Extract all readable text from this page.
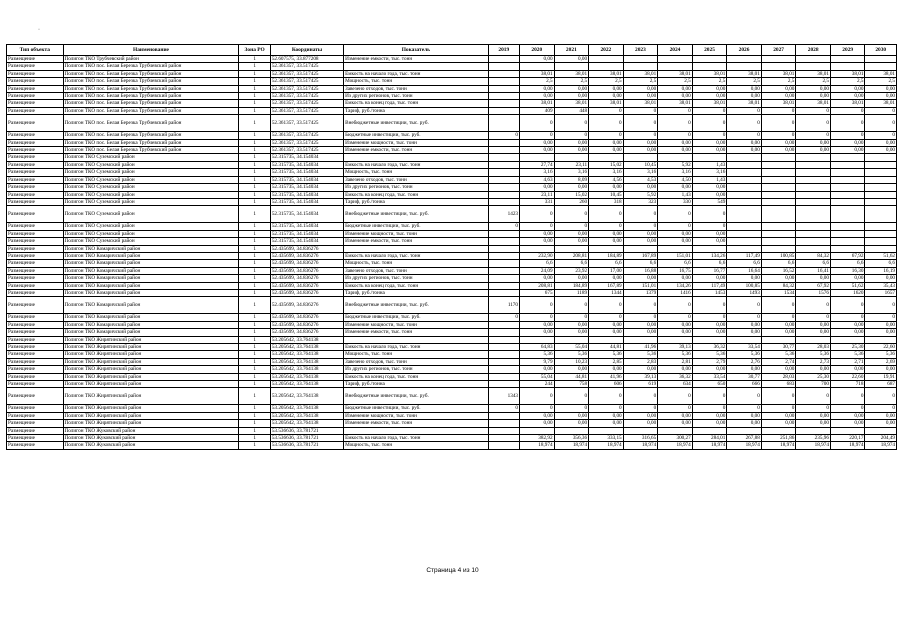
·
Тип объекта	Наименование	Зона РО	Координаты	Показатель	2019	2020	2021	2022	2023	2024	2025	2026	2027	2028	2029	2030
Размещение	Полигон ТКО Трубчевский район	1	52.607575, 33.877208	Изменение емкости, тыс. тонн		0,00	0,00									
Размещение	Полигон ТКО пос. Белая Березка Трубчевский район	1	52.361357, 33.517425													
Размещение	Полигон ТКО пос. Белая Березка Трубчевский район	1	52.361357, 33.517425	Емкость на начало года, тыс. тонн		38,01	38,01	38,01	38,01	38,01	38,01	38,01	38,01	38,01	38,01	38,01
Размещение	Полигон ТКО пос. Белая Березка Трубчевский район	1	52.361357, 33.517425	Мощность, тыс. тонн		2,5	2,5	2,5	2,5	2,5	2,5	2,5	2,5	2,5	2,5	2,5
Размещение	Полигон ТКО пос. Белая Березка Трубчевский район	1	52.361357, 33.517425	Завезено отходов, тыс. тонн		0,00	0,00	0,00	0,00	0,00	0,00	0,00	0,00	0,00	0,00	0,00
Размещение	Полигон ТКО пос. Белая Березка Трубчевский район	1	52.361357, 33.517425	Из других регионов, тыс. тонн		0,00	0,00	0,00	0,00	0,00	0,00	0,00	0,00	0,00	0,00	0,00
Размещение	Полигон ТКО пос. Белая Березка Трубчевский район	1	52.361357, 33.517425	Емкость на конец года, тыс. тонн		38,01	38,01	38,01	38,01	38,01	38,01	38,01	38,01	38,01	38,01	38,01
Размещение	Полигон ТКО пос. Белая Березка Трубчевский район	1	52.361357, 33.517425	Тариф, руб./тонна		409	448	0	0	0	0	0	0	0	0	0
Размещение	Полигон ТКО пос. Белая Березка Трубчевский район	1	52.361357, 33.517425	Внебюджетные инвестиции, тыс. руб.		0	0	0	0	0	0	0	0	0	0	0
Размещение	Полигон ТКО пос. Белая Березка Трубчевский район	1	52.361357, 33.517425	Бюджетные инвестиции, тыс. руб.	0	0	0	0	0	0	0	0	0	0	0	0
Размещение	Полигон ТКО пос. Белая Березка Трубчевский район	1	52.361357, 33.517425	Изменение мощности, тыс. тонн		0,00	0,00	0,00	0,00	0,00	0,00	0,00	0,00	0,00	0,00	0,00
Размещение	Полигон ТКО пос. Белая Березка Трубчевский район	1	52.361357, 33.517425	Изменение емкости, тыс. тонн		0,00	0,00	0,00	0,00	0,00	0,00	0,00	0,00	0,00	0,00	0,00
Размещение	Полигон ТКО Суземский район	1	52.315735, 34.154034													
Размещение	Полигон ТКО Суземский район	1	52.315735, 34.154034	Емкость на начало года, тыс. тонн		27,74	23,11	15,02	10,45	5,92	1,43					
Размещение	Полигон ТКО Суземский район	1	52.315735, 34.154034	Мощность, тыс. тонн		3,16	3,16	3,16	3,16	3,16	3,16					
Размещение	Полигон ТКО Суземский район	1	52.315735, 34.154034	Завезено отходов, тыс. тонн		4,63	8,09	4,56	4,53	4,50	1,43					
Размещение	Полигон ТКО Суземский район	1	52.315735, 34.154034	Из других регионов, тыс. тонн		0,00	0,00	0,00	0,00	0,00	0,00					
Размещение	Полигон ТКО Суземский район	1	52.315735, 34.154034	Емкость на конец года, тыс. тонн		23,11	15,02	10,45	5,92	1,43	0,00					
Размещение	Полигон ТКО Суземский район	1	52.315735, 34.154034	Тариф, руб./тонна		331	260	318	323	330	549					
Размещение	Полигон ТКО Суземский район	1	52.315735, 34.154034	Внебюджетные инвестиции, тыс. руб.	1423	0	0	0	0	0	0					
Размещение	Полигон ТКО Суземский район	1	52.315735, 34.154034	Бюджетные инвестиции, тыс. руб.	0	0	0	0	0	0	0					
Размещение	Полигон ТКО Суземский район	1	52.315735, 34.154034	Изменение мощности, тыс. тонн		0,00	0,00	0,00	0,00	0,00	0,00					
Размещение	Полигон ТКО Суземский район	1	52.315735, 34.154034	Изменение емкости, тыс. тонн		0,00	0,00	0,00	0,00	0,00	0,00					
Размещение	Полигон ТКО Комаричский район	1	52.435699, 34.836276													
Размещение	Полигон ТКО Комаричский район	1	52.435699, 34.836276	Емкость на начало года, тыс. тонн		232,90	208,81	184,89	167,89	151,01	134,26	117,49	100,85	84,32	67,92	51,62
Размещение	Полигон ТКО Комаричский район	1	52.435699, 34.836276	Мощность, тыс. тонн		6,6	6,6	6,6	6,6	6,6	6,6	6,6	6,6	6,6	6,6	6,6
Размещение	Полигон ТКО Комаричский район	1	52.435699, 34.836276	Завезено отходов, тыс. тонн		24,09	23,92	17,00	16,88	16,75	16,77	16,64	16,52	16,41	16,30	16,19
Размещение	Полигон ТКО Комаричский район	1	52.435699, 34.836276	Из других регионов, тыс. тонн		0,00	0,00	0,00	0,00	0,00	0,00	0,00	0,00	0,00	0,00	0,00
Размещение	Полигон ТКО Комаричский район	1	52.435699, 34.836276	Емкость на конец года, тыс. тонн		208,81	184,89	167,89	151,01	134,26	117,49	100,85	84,32	67,92	51,62	35,43
Размещение	Полигон ТКО Комаричский район	1	52.435699, 34.836276	Тариф, руб./тонна		675	1189	1344	1379	1416	1453	1493	1534	1576	1620	1657
Размещение	Полигон ТКО Комаричский район	1	52.435699, 34.836276	Внебюджетные инвестиции, тыс. руб.	1170	0	0	0	0	0	0	0	0	0	0	0
Размещение	Полигон ТКО Комаричский район	1	52.435699, 34.836276	Бюджетные инвестиции, тыс. руб.	0	0	0	0	0	0	0	0	0	0	0	0
Размещение	Полигон ТКО Комаричский район	1	52.435699, 34.836276	Изменение мощности, тыс. тонн		0,00	0,00	0,00	0,00	0,00	0,00	0,00	0,00	0,00	0,00	0,00
Размещение	Полигон ТКО Комаричский район	1	52.435699, 34.836276	Изменение емкости, тыс. тонн		0,00	0,00	0,00	0,00	0,00	0,00	0,00	0,00	0,00	0,00	0,00
Размещение	Полигон ТКО Жирятинский район	1	53.205642, 33.764138													
Размещение	Полигон ТКО Жирятинский район	1	53.205642, 33.764138	Емкость на начало года, тыс. тонн		64,83	55,04	44,81	41,96	39,13	36,32	33,54	30,77	28,03	25,30	22,60
Размещение	Полигон ТКО Жирятинский район	1	53.205642, 33.764138	Мощность, тыс. тонн		5,36	5,36	5,36	5,36	5,36	5,36	5,36	5,36	5,36	5,36	5,36
Размещение	Полигон ТКО Жирятинский район	1	53.205642, 33.764138	Завезено отходов, тыс. тонн		9,79	10,23	2,85	2,83	2,81	2,79	2,76	2,74	2,73	2,71	2,69
Размещение	Полигон ТКО Жирятинский район	1	53.205642, 33.764138	Из других регионов, тыс. тонн		0,00	0,00	0,00	0,00	0,00	0,00	0,00	0,00	0,00	0,00	0,00
Размещение	Полигон ТКО Жирятинский район	1	53.205642, 33.764138	Емкость на конец года, тыс. тонн		55,04	44,81	41,96	39,13	36,32	33,54	30,77	28,03	25,30	22,60	19,91
Размещение	Полигон ТКО Жирятинский район	1	53.205642, 33.764138	Тариф, руб./тонна		244	758	606	619	634	650	666	683	700	718	687
Размещение	Полигон ТКО Жирятинский район	1	53.205642, 33.764138	Внебюджетные инвестиции, тыс. руб.	1343	0	0	0	0	0	0	0	0	0	0	0
Размещение	Полигон ТКО Жирятинский район	1	53.205642, 33.764138	Бюджетные инвестиции, тыс. руб.	0	0	0	0	0	0	0	0	0	0	0	0
Размещение	Полигон ТКО Жирятинский район	1	53.205642, 33.764138	Изменение мощности, тыс. тонн		0,00	0,00	0,00	0,00	0,00	0,00	0,00	0,00	0,00	0,00	0,00
Размещение	Полигон ТКО Жирятинский район	1	53.205642, 33.764138	Изменение емкости, тыс. тонн		0,00	0,00	0,00	0,00	0,00	0,00	0,00	0,00	0,00	0,00	0,00
Размещение	Полигон ТКО Жуковский район	1	53.536636, 33.781721													
Размещение	Полигон ТКО Жуковский район	1	53.536636, 33.781721	Емкость на начало года, тыс. тонн		382,92	356,36	333,15	316,65	300,27	284,01	267,88	251,86	235,96	220,17	204,49
Размещение	Полигон ТКО Жуковский район	1	53.536636, 33.781721	Мощность, тыс. тонн		18,974	18,974	18,974	18,974	18,974	18,974	18,974	18,974	18,974	18,974	18,974
Страница 4 из 10
